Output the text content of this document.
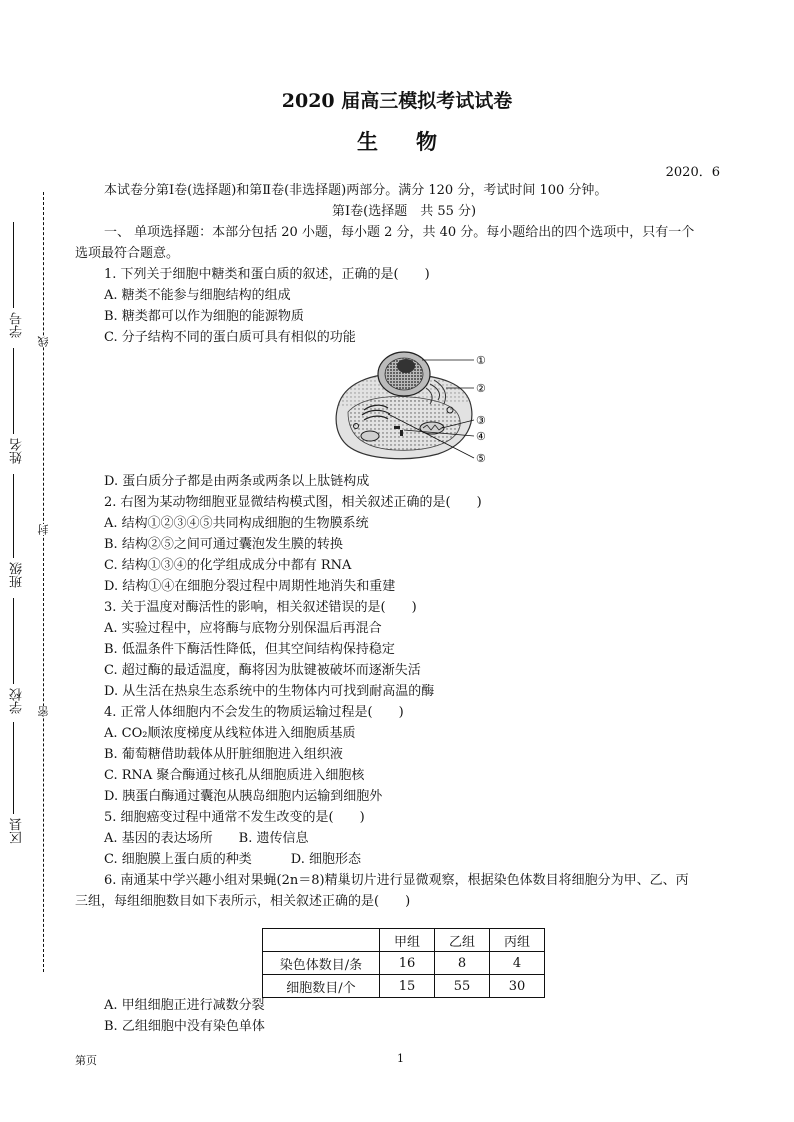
2020 届高三模拟考试试卷
生物
2020．6
本试卷分第Ⅰ卷(选择题)和第Ⅱ卷(非选择题)两部分。满分 120 分，考试时间 100 分钟。
第Ⅰ卷(选择题　共 55 分)
一、 单项选择题：本部分包括 20 小题，每小题 2 分，共 40 分。每小题给出的四个选项中，只有一个
选项最符合题意。
1. 下列关于细胞中糖类和蛋白质的叙述，正确的是(　　)
A. 糖类不能参与细胞结构的组成
B. 糖类都可以作为细胞的能源物质
C. 分子结构不同的蛋白质可具有相似的功能
①
②
③
④
⑤
D. 蛋白质分子都是由两条或两条以上肽链构成
2. 右图为某动物细胞亚显微结构模式图，相关叙述正确的是(　　)
A. 结构①②③④⑤共同构成细胞的生物膜系统
B. 结构②⑤之间可通过囊泡发生膜的转换
C. 结构①③④的化学组成成分中都有 RNA
D. 结构①④在细胞分裂过程中周期性地消失和重建
3. 关于温度对酶活性的影响，相关叙述错误的是(　　)
A. 实验过程中，应将酶与底物分别保温后再混合
B. 低温条件下酶活性降低，但其空间结构保持稳定
C. 超过酶的最适温度，酶将因为肽键被破坏而逐渐失活
D. 从生活在热泉生态系统中的生物体内可找到耐高温的酶
4. 正常人体细胞内不会发生的物质运输过程是(　　)
A. CO₂顺浓度梯度从线粒体进入细胞质基质
B. 葡萄糖借助载体从肝脏细胞进入组织液
C. RNA 聚合酶通过核孔从细胞质进入细胞核
D. 胰蛋白酶通过囊泡从胰岛细胞内运输到细胞外
5. 细胞癌变过程中通常不发生改变的是(　　)
A. 基因的表达场所　　B. 遗传信息
C. 细胞膜上蛋白质的种类　　　D. 细胞形态
6. 南通某中学兴趣小组对果蝇(2n＝8)精巢切片进行显微观察，根据染色体数目将细胞分为甲、乙、丙
三组，每组细胞数目如下表所示，相关叙述正确的是(　　)
	甲组	乙组	丙组
染色体数目/条	16	8	4
细胞数目/个	15	55	30
A. 甲组细胞正进行减数分裂
B. 乙组细胞中没有染色单体
区县
学校
班级
姓名
学号
密
封
线
第页	1
